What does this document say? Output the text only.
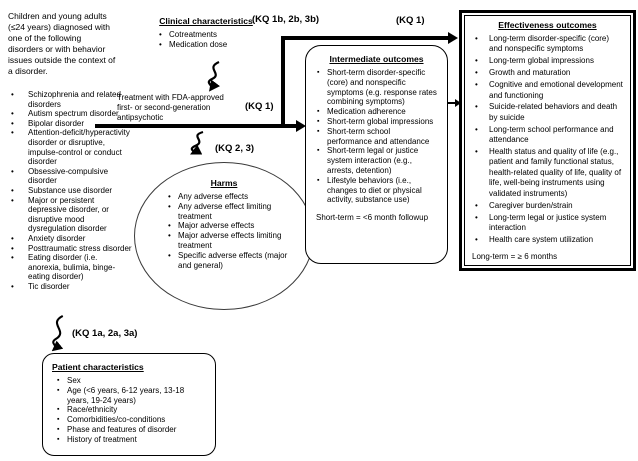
Children and young adults (≤24 years) diagnosed with one of the following disorders or with behavior issues outside the context of a disorder.
• Schizophrenia and related disorders
• Autism spectrum disorder
• Bipolar disorder
• Attention-deficit/hyperactivity disorder or disruptive, impulse-control or conduct disorder
• Obsessive-compulsive disorder
• Substance use disorder
• Major or persistent depressive disorder, or disruptive mood dysregulation disorder
• Anxiety disorder
• Posttraumatic stress disorder
• Eating disorder (i.e. anorexia, bulimia, binge-eating disorder)
• Tic disorder
Clinical characteristics
• Cotreatments
• Medication dose
(KQ 1b, 2b, 3b)	(KQ 1)
(KQ 1)
(KQ 2, 3)
(KQ 1a, 2a, 3a)
Treatment with FDA-approved first- or second-generation antipsychotic
Harms
• Any adverse effects
• Any adverse effect limiting treatment
• Major adverse effects
• Major adverse effects limiting treatment
• Specific adverse effects (major and general)
Intermediate outcomes
▪ Short-term disorder-specific (core) and nonspecific symptoms (e.g. response rates combining symptoms)
▪ Medication adherence
▪ Short-term global impressions
▪ Short-term school performance and attendance
▪ Short-term legal or justice system interaction (e.g., arrests, detention)
▪ Lifestyle behaviors (i.e., changes to diet or physical activity, substance use)
Short-term = <6 month followup
Effectiveness outcomes
• Long-term disorder-specific (core) and nonspecific symptoms
• Long-term global impressions
• Growth and maturation
• Cognitive and emotional development and functioning
• Suicide-related behaviors and death by suicide
• Long-term school performance and attendance
• Health status and quality of life (e.g., patient and family functional status, health-related quality of life, quality of life, well-being instruments using validated instruments)
• Caregiver burden/strain
• Long-term legal or justice system interaction
• Health care system utilization
Long-term = ≥ 6 months
Patient characteristics
▪ Sex
▪ Age (<6 years, 6-12 years, 13-18 years, 19-24 years)
▪ Race/ethnicity
▪ Comorbidities/co-conditions
▪ Phase and features of disorder
▪ History of treatment
